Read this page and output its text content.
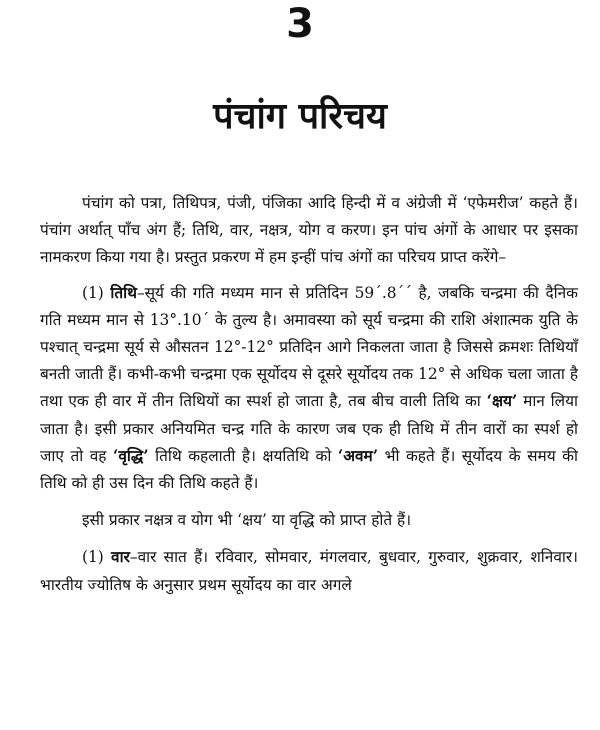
3
पंचांग परिचय

पंचांग को पत्रा, तिथिपत्र, पंजी, पंजिका आदि हिन्दी में व अंग्रेजी में ‘एफेमरीज’ कहते हैं। पंचांग अर्थात् पाँच अंग हैं; तिथि, वार, नक्षत्र, योग व करण। इन पांच अंगों के आधार पर इसका नामकरण किया गया है। प्रस्तुत प्रकरण में हम इन्हीं पांच अंगों का परिचय प्राप्त करेंगे–

(1) तिथि–सूर्य की गति मध्यम मान से प्रतिदिन 59´.8´´ है, जबकि चन्द्रमा की दैनिक गति मध्यम मान से 13°.10´ के तुल्य है। अमावस्या को सूर्य चन्द्रमा की राशि अंशात्मक युति के पश्चात् चन्द्रमा सूर्य से औसतन 12°-12° प्रतिदिन आगे निकलता जाता है जिससे क्रमशः तिथियाँ बनती जाती हैं। कभी-कभी चन्द्रमा एक सूर्योदय से दूसरे सूर्योदय तक 12° से अधिक चला जाता है तथा एक ही वार में तीन तिथियों का स्पर्श हो जाता है, तब बीच वाली तिथि का ‘क्षय’ मान लिया जाता है। इसी प्रकार अनियमित चन्द्र गति के कारण जब एक ही तिथि में तीन वारों का स्पर्श हो जाए तो वह ‘वृद्धि’ तिथि कहलाती है। क्षयतिथि को ‘अवम’ भी कहते हैं। सूर्योदय के समय की तिथि को ही उस दिन की तिथि कहते हैं।

इसी प्रकार नक्षत्र व योग भी ‘क्षय’ या वृद्धि को प्राप्त होते हैं।

(1) वार–वार सात हैं। रविवार, सोमवार, मंगलवार, बुधवार, गुरुवार, शुक्रवार, शनिवार। भारतीय ज्योतिष के अनुसार प्रथम सूर्योदय का वार अगले
